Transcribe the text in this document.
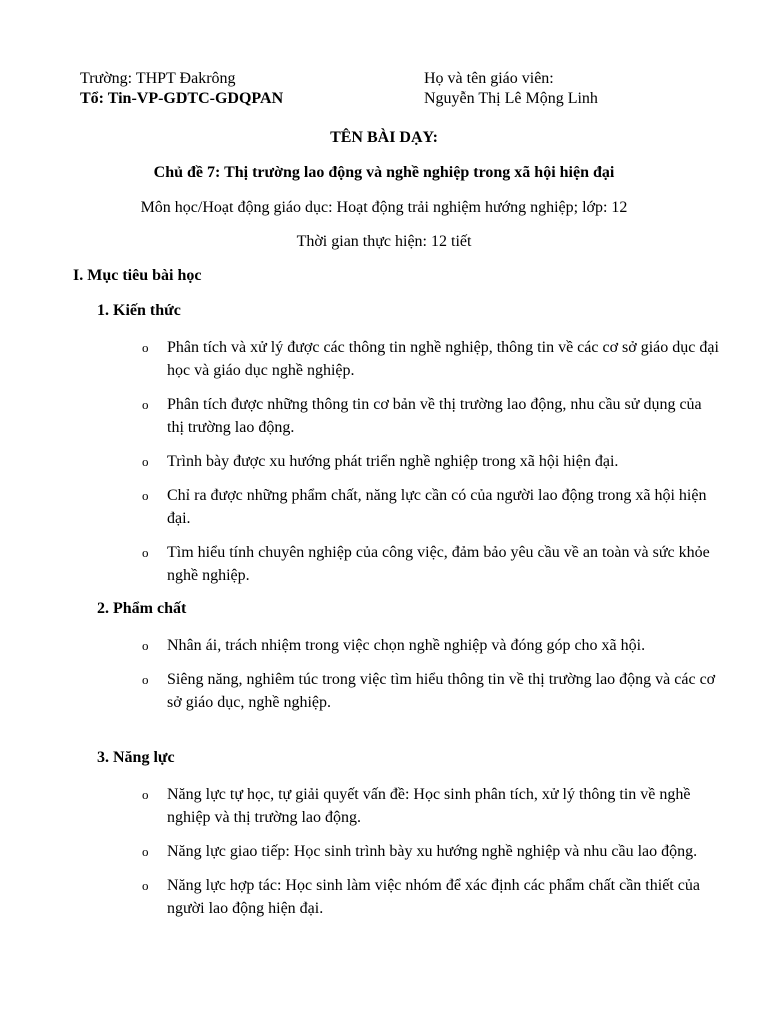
Trường: THPT Đakrông
Tổ: Tin-VP-GDTC-GDQPAN
Họ và tên giáo viên:
Nguyễn Thị Lê Mộng Linh
TÊN BÀI DẠY:
Chủ đề 7: Thị trường lao động và nghề nghiệp trong xã hội hiện đại
Môn học/Hoạt động giáo dục: Hoạt động trải nghiệm hướng nghiệp; lớp: 12
Thời gian thực hiện: 12 tiết
I. Mục tiêu bài học
1. Kiến thức
o Phân tích và xử lý được các thông tin nghề nghiệp, thông tin về các cơ sở giáo dục đại học và giáo dục nghề nghiệp.
o Phân tích được những thông tin cơ bản về thị trường lao động, nhu cầu sử dụng của thị trường lao động.
o Trình bày được xu hướng phát triển nghề nghiệp trong xã hội hiện đại.
o Chỉ ra được những phẩm chất, năng lực cần có của người lao động trong xã hội hiện đại.
o Tìm hiểu tính chuyên nghiệp của công việc, đảm bảo yêu cầu về an toàn và sức khỏe nghề nghiệp.
2. Phẩm chất
o Nhân ái, trách nhiệm trong việc chọn nghề nghiệp và đóng góp cho xã hội.
o Siêng năng, nghiêm túc trong việc tìm hiểu thông tin về thị trường lao động và các cơ sở giáo dục, nghề nghiệp.
3. Năng lực
o Năng lực tự học, tự giải quyết vấn đề: Học sinh phân tích, xử lý thông tin về nghề nghiệp và thị trường lao động.
o Năng lực giao tiếp: Học sinh trình bày xu hướng nghề nghiệp và nhu cầu lao động.
o Năng lực hợp tác: Học sinh làm việc nhóm để xác định các phẩm chất cần thiết của người lao động hiện đại.
